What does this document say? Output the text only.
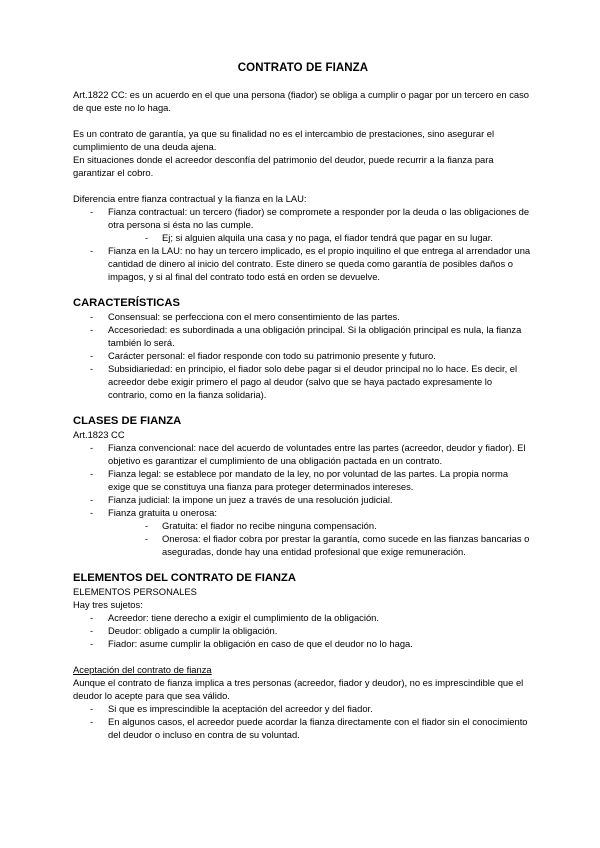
CONTRATO DE FIANZA

Art.1822 CC: es un acuerdo en el que una persona (fiador) se obliga a cumplir o pagar por un tercero en caso de que este no lo haga.

Es un contrato de garantía, ya que su finalidad no es el intercambio de prestaciones, sino asegurar el cumplimiento de una deuda ajena.

En situaciones donde el acreedor desconfía del patrimonio del deudor, puede recurrir a la fianza para garantizar el cobro.

Diferencia entre fianza contractual y la fianza en la LAU:

- Fianza contractual: un tercero (fiador) se compromete a responder por la deuda o las obligaciones de otra persona si ésta no las cumple.
- Ej; si alguien alquila una casa y no paga, el fiador tendrá que pagar en su lugar.
- Fianza en la LAU: no hay un tercero implicado, es el propio inquilino el que entrega al arrendador una cantidad de dinero al inicio del contrato. Este dinero se queda como garantía de posibles daños o impagos, y si al final del contrato todo está en orden se devuelve.

CARACTERÍSTICAS

- Consensual: se perfecciona con el mero consentimiento de las partes.
- Accesoriedad: es subordinada a una obligación principal. Si la obligación principal es nula, la fianza también lo será.
- Carácter personal: el fiador responde con todo su patrimonio presente y futuro.
- Subsidiariedad: en principio, el fiador solo debe pagar si el deudor principal no lo hace. Es decir, el acreedor debe exigir primero el pago al deudor (salvo que se haya pactado expresamente lo contrario, como en la fianza solidaria).

CLASES DE FIANZA

Art.1823 CC

- Fianza convencional: nace del acuerdo de voluntades entre las partes (acreedor, deudor y fiador). El objetivo es garantizar el cumplimiento de una obligación pactada en un contrato.
- Fianza legal: se establece por mandato de la ley, no por voluntad de las partes. La propia norma exige que se constituya una fianza para proteger determinados intereses.
- Fianza judicial: la impone un juez a través de una resolución judicial.
- Fianza gratuita u onerosa:
- Gratuita: el fiador no recibe ninguna compensación.
- Onerosa: el fiador cobra por prestar la garantía, como sucede en las fianzas bancarias o aseguradas, donde hay una entidad profesional que exige remuneración.

ELEMENTOS DEL CONTRATO DE FIANZA

ELEMENTOS PERSONALES

Hay tres sujetos:

- Acreedor: tiene derecho a exigir el cumplimiento de la obligación.
- Deudor: obligado a cumplir la obligación.
- Fiador: asume cumplir la obligación en caso de que el deudor no lo haga.

Aceptación del contrato de fianza

Aunque el contrato de fianza implica a tres personas (acreedor, fiador y deudor), no es imprescindible que el deudor lo acepte para que sea válido.

- Si que es imprescindible la aceptación del acreedor y del fiador.
- En algunos casos, el acreedor puede acordar la fianza directamente con el fiador sin el conocimiento del deudor o incluso en contra de su voluntad.
